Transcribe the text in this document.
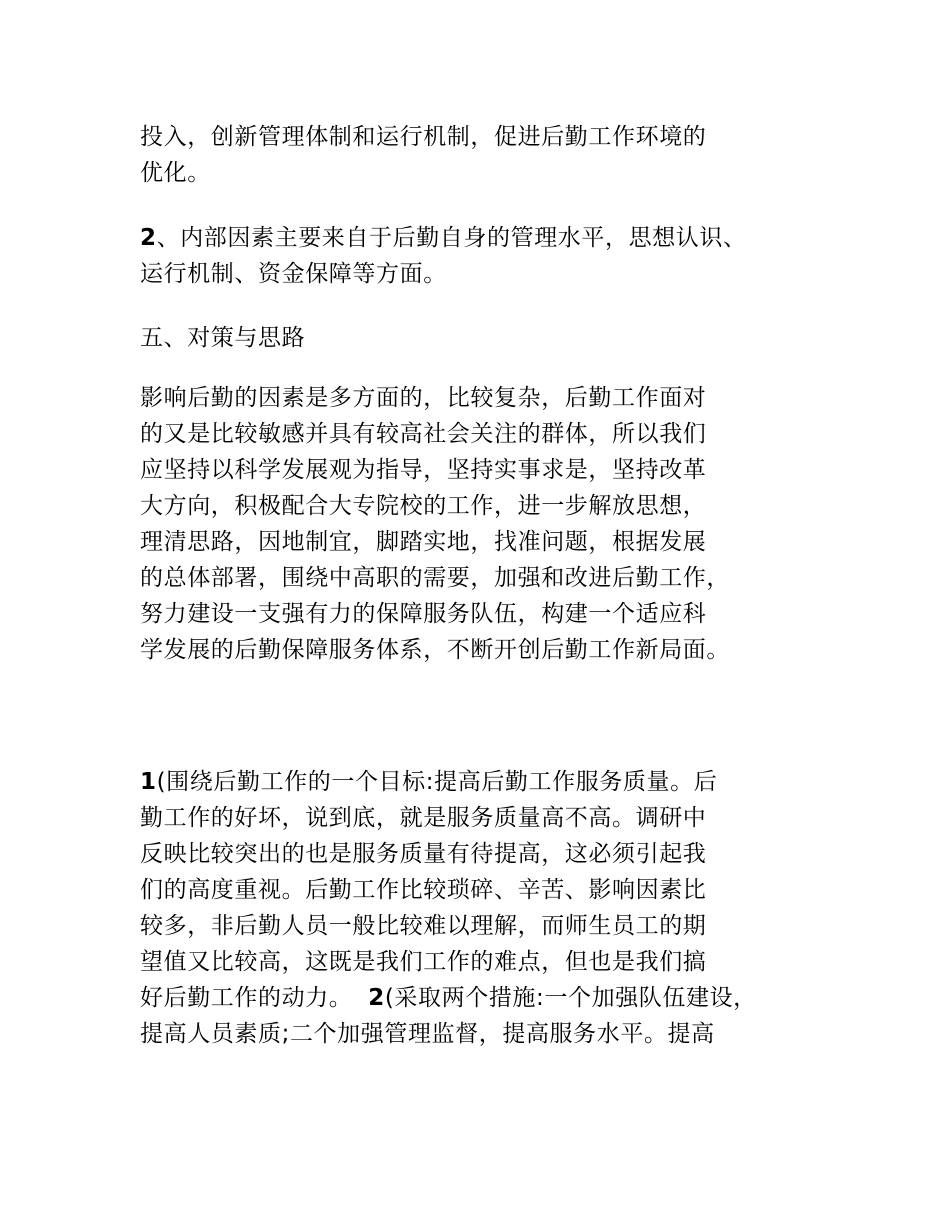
投入，创新管理体制和运行机制，促进后勤工作环境的
优化。
2、内部因素主要来自于后勤自身的管理水平，思想认识、
运行机制、资金保障等方面。
五、对策与思路
影响后勤的因素是多方面的，比较复杂，后勤工作面对
的又是比较敏感并具有较高社会关注的群体，所以我们
应坚持以科学发展观为指导，坚持实事求是，坚持改革
大方向，积极配合大专院校的工作，进一步解放思想，
理清思路，因地制宜，脚踏实地，找准问题，根据发展
的总体部署，围绕中高职的需要，加强和改进后勤工作，
努力建设一支强有力的保障服务队伍，构建一个适应科
学发展的后勤保障服务体系，不断开创后勤工作新局面。
1(围绕后勤工作的一个目标:提高后勤工作服务质量。后
勤工作的好坏，说到底，就是服务质量高不高。调研中
反映比较突出的也是服务质量有待提高，这必须引起我
们的高度重视。后勤工作比较琐碎、辛苦、影响因素比
较多，非后勤人员一般比较难以理解，而师生员工的期
望值又比较高，这既是我们工作的难点，但也是我们搞
好后勤工作的动力。  2(采取两个措施:一个加强队伍建设，
提高人员素质;二个加强管理监督，提高服务水平。提高
